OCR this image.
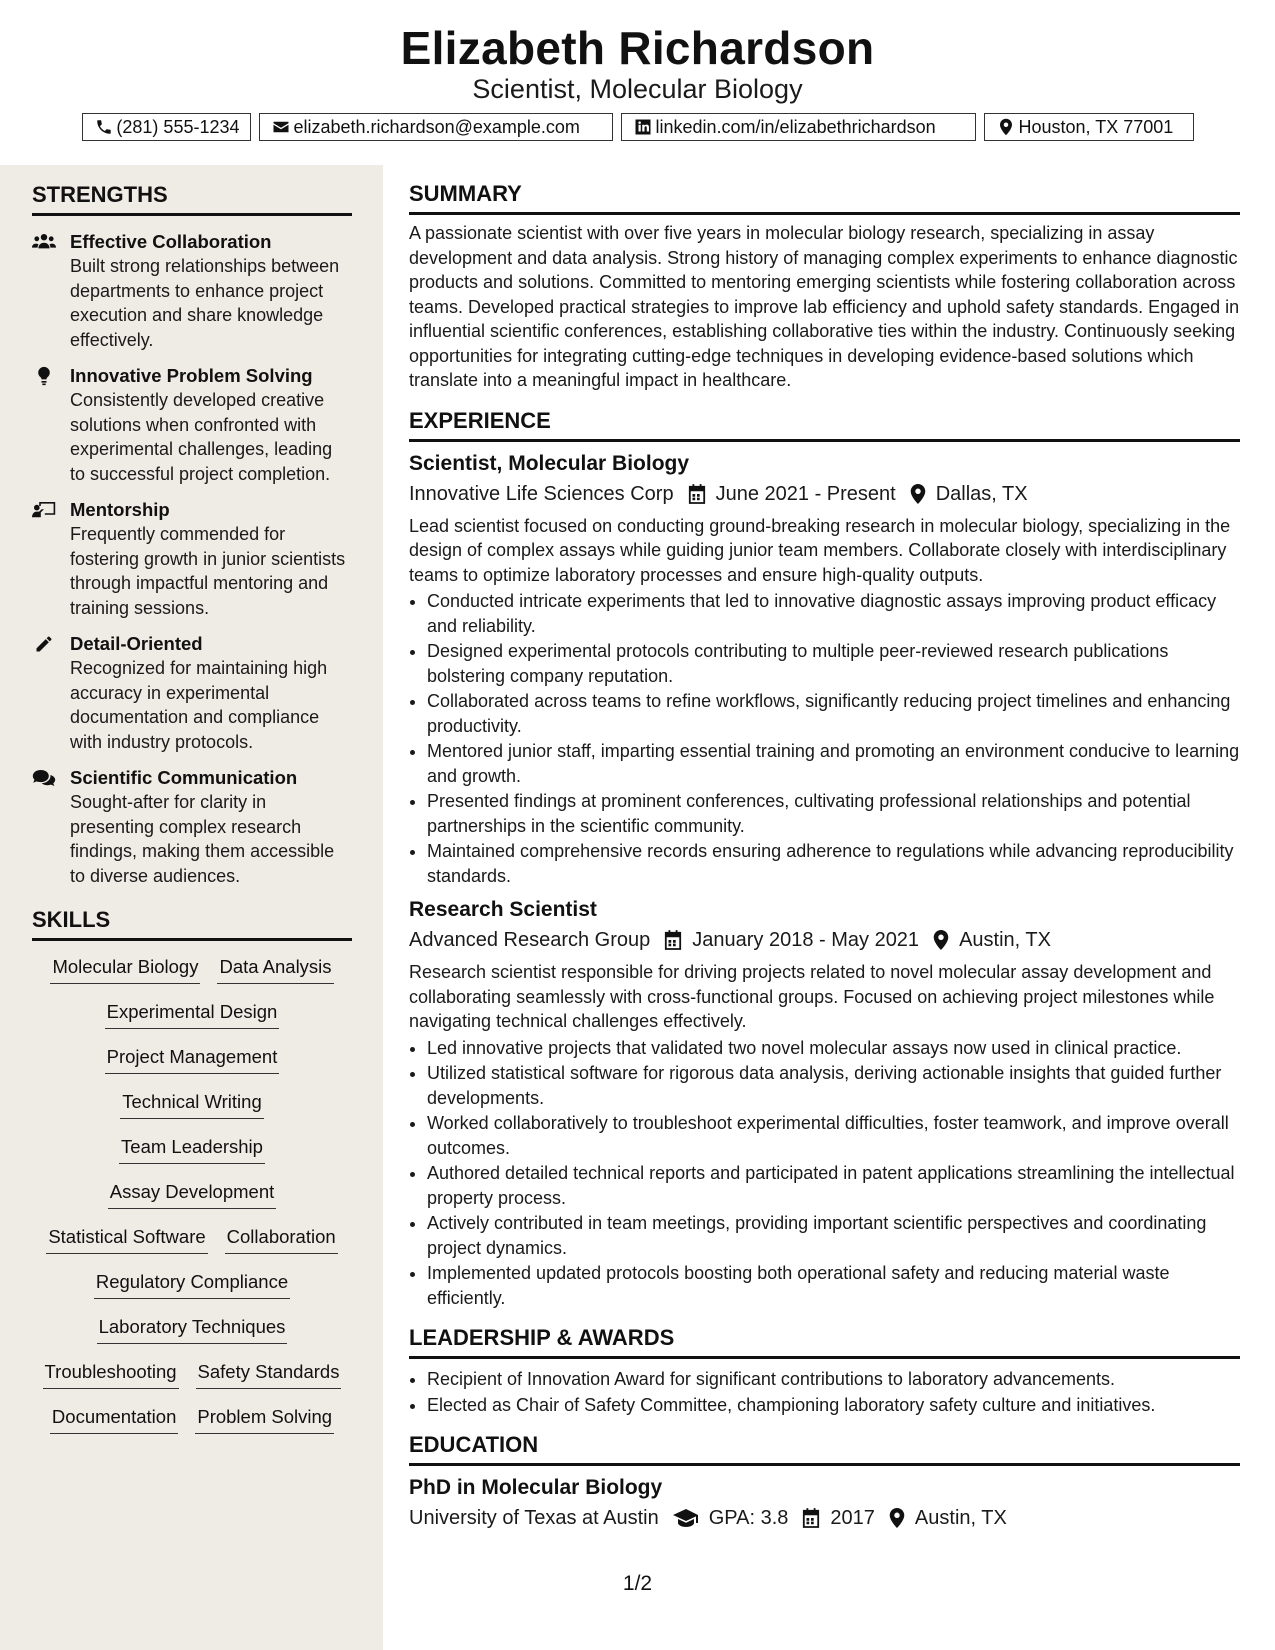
Elizabeth Richardson
Scientist, Molecular Biology
(281) 555-1234	elizabeth.richardson@example.com	linkedin.com/in/elizabethrichardson	Houston, TX 77001
STRENGTHS
Effective Collaboration
Built strong relationships between departments to enhance project execution and share knowledge effectively.
Innovative Problem Solving
Consistently developed creative solutions when confronted with experimental challenges, leading to successful project completion.
Mentorship
Frequently commended for fostering growth in junior scientists through impactful mentoring and training sessions.
Detail-Oriented
Recognized for maintaining high accuracy in experimental documentation and compliance with industry protocols.
Scientific Communication
Sought-after for clarity in presenting complex research findings, making them accessible to diverse audiences.
SKILLS
Molecular Biology Data Analysis
Experimental Design
Project Management
Technical Writing
Team Leadership
Assay Development
Statistical Software Collaboration
Regulatory Compliance
Laboratory Techniques
Troubleshooting Safety Standards
Documentation Problem Solving
SUMMARY

A passionate scientist with over five years in molecular biology research, specializing in assay development and data analysis. Strong history of managing complex experiments to enhance diagnostic products and solutions. Committed to mentoring emerging scientists while fostering collaboration across teams. Developed practical strategies to improve lab efficiency and uphold safety standards. Engaged in influential scientific conferences, establishing collaborative ties within the industry. Continuously seeking opportunities for integrating cutting-edge techniques in developing evidence-based solutions which translate into a meaningful impact in healthcare.

EXPERIENCE
Scientist, Molecular Biology
Innovative Life Sciences Corp June 2021 - Present Dallas, TX
Lead scientist focused on conducting ground-breaking research in molecular biology, specializing in the design of complex assays while guiding junior team members. Collaborate closely with interdisciplinary teams to optimize laboratory processes and ensure high-quality outputs.
• Conducted intricate experiments that led to innovative diagnostic assays improving product efficacy and reliability.
• Designed experimental protocols contributing to multiple peer-reviewed research publications bolstering company reputation.
• Collaborated across teams to refine workflows, significantly reducing project timelines and enhancing productivity.
• Mentored junior staff, imparting essential training and promoting an environment conducive to learning and growth.
• Presented findings at prominent conferences, cultivating professional relationships and potential partnerships in the scientific community.
• Maintained comprehensive records ensuring adherence to regulations while advancing reproducibility standards.
Research Scientist
Advanced Research Group January 2018 - May 2021 Austin, TX
Research scientist responsible for driving projects related to novel molecular assay development and collaborating seamlessly with cross-functional groups. Focused on achieving project milestones while navigating technical challenges effectively.
• Led innovative projects that validated two novel molecular assays now used in clinical practice.
• Utilized statistical software for rigorous data analysis, deriving actionable insights that guided further developments.
• Worked collaboratively to troubleshoot experimental difficulties, foster teamwork, and improve overall outcomes.
• Authored detailed technical reports and participated in patent applications streamlining the intellectual property process.
• Actively contributed in team meetings, providing important scientific perspectives and coordinating project dynamics.
• Implemented updated protocols boosting both operational safety and reducing material waste efficiently.
LEADERSHIP & AWARDS
• Recipient of Innovation Award for significant contributions to laboratory advancements.
• Elected as Chair of Safety Committee, championing laboratory safety culture and initiatives.
EDUCATION
PhD in Molecular Biology
University of Texas at Austin	GPA: 3.8 2017 Austin, TX
1/2
